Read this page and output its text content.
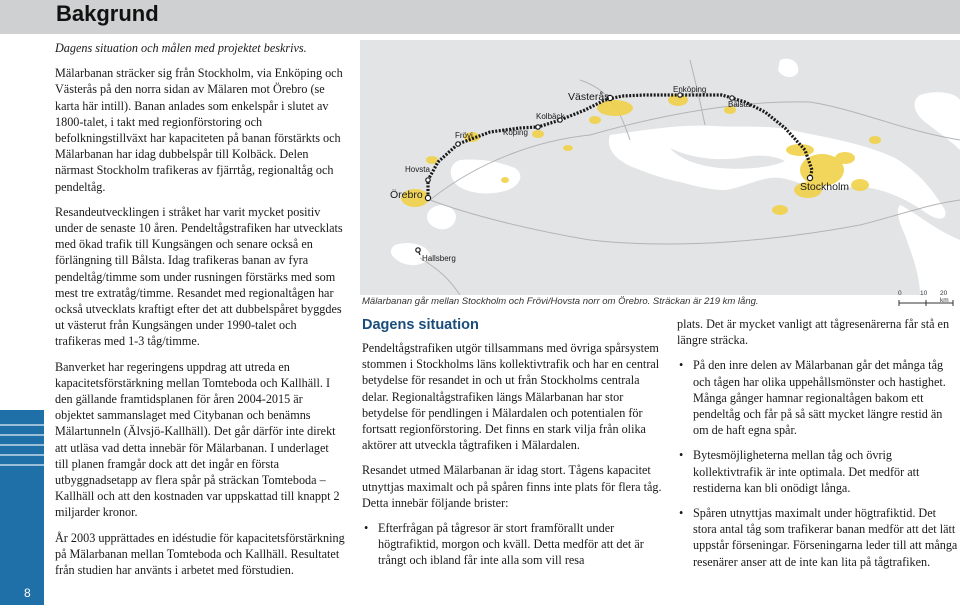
Bakgrund
8

Dagens situation och målen med projektet beskrivs.

Mälarbanan sträcker sig från Stockholm, via Enköping och Västerås på den norra sidan av Mälaren mot Örebro (se karta här intill). Banan anlades som enkelspår i slutet av 1800-talet, i takt med regionförstoring och befolkningstillväxt har kapaciteten på banan förstärkts och Mälarbanan har idag dubbelspår till Kolbäck. Delen närmast Stockholm trafikeras av fjärrtåg, regionaltåg och pendeltåg.

Resandeutvecklingen i stråket har varit mycket positiv under de senaste 10 åren. Pendeltågstrafiken har utvecklats med ökad trafik till Kungsängen och senare också en förlängning till Bålsta. Idag trafikeras banan av fyra pendeltåg/timme som under rusningen förstärks med som mest tre extratåg/timme. Resandet med regionaltågen har också utvecklats kraftigt efter det att dubbelspåret byggdes ut västerut från Kungsängen under 1990-talet och trafikeras med 1-3 tåg/timme.

Banverket har regeringens uppdrag att utreda en kapacitetsförstärkning mellan Tomteboda och Kallhäll. I den gällande framtidsplanen för åren 2004-2015 är objektet sammanslaget med Citybanan och benämns Mälartunneln (Älvsjö-Kallhäll). Det går därför inte direkt att utläsa vad detta innebär för Mälarbanan. I underlaget till planen framgår dock att det ingår en första utbyggnadsetapp av flera spår på sträckan Tomteboda – Kallhäll och att den kostnaden var uppskattad till knappt 2 miljarder kronor.

År 2003 upprättades en idéstudie för kapacitetsförstärkning på Mälarbanan mellan Tomteboda och Kallhäll. Resultatet från studien har använts i arbetet med förstudien.

Örebro
Hovsta
Frövi	Köping
Kolbäck
Västerås
Enköping
Bålsta
Stockholm
Hallsberg
Mälarbanan går mellan Stockholm och Frövi/Hovsta norr om Örebro. Sträckan är 219 km lång.
0	10 20 km
Dagens situation

Pendeltågstrafiken utgör tillsammans med övriga spårsystem stommen i Stockholms läns kollektivtrafik och har en central betydelse för resandet in och ut från Stockholms centrala delar. Regionaltågstrafiken längs Mälarbanan har stor betydelse för pendlingen i Mälardalen och potentialen för fortsatt regionförstoring. Det finns en stark vilja från olika aktörer att utveckla tågtrafiken i Mälardalen.

Resandet utmed Mälarbanan är idag stort. Tågens kapacitet utnyttjas maximalt och på spåren finns inte plats för flera tåg. Detta innebär följande brister:

• Efterfrågan på tågresor är stort framförallt under högtrafiktid, morgon och kväll. Detta medför att det är trångt och ibland får inte alla som vill resa

plats. Det är mycket vanligt att tågresenärerna får stå en längre sträcka.

• På den inre delen av Mälarbanan går det många tåg och tågen har olika uppehållsmönster och hastighet. Många gånger hamnar regionaltågen bakom ett pendeltåg och får på så sätt mycket längre restid än om de haft egna spår.
• Bytesmöjligheterna mellan tåg och övrig kollektivtrafik är inte optimala. Det medför att restiderna kan bli onödigt långa.
• Spåren utnyttjas maximalt under högtrafiktid. Det stora antal tåg som trafikerar banan medför att det lätt uppstår förseningar. Förseningarna leder till att många resenärer anser att de inte kan lita på tågtrafiken.
